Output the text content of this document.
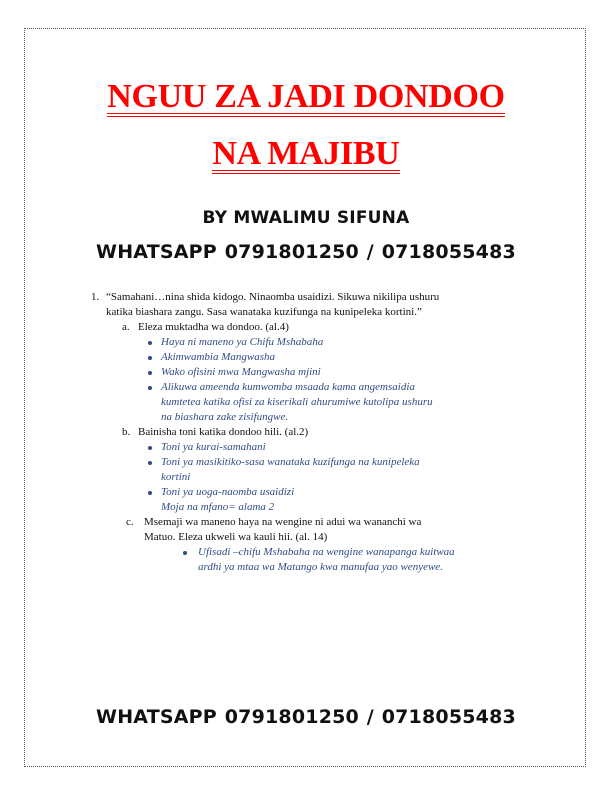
NGUU ZA JADI DONDOO
NA MAJIBU
BY MWALIMU SIFUNA
WHATSAPP 0791801250 / 0718055483
1. “Samahani…nina shida kidogo. Ninaomba usaidizi. Sikuwa nikilipa ushuru
katika biashara zangu. Sasa wanataka kuzifunga na kunipeleka kortini.”
a. Eleza muktadha wa dondoo. (al.4)
Haya ni maneno ya Chifu Mshabaha
Akimwambia Mangwasha
Wako ofisini mwa Mangwasha mjini
Alikuwa ameenda kumwomba msaada kama angemsaidia
kumtetea katika ofisi za kiserikali ahurumiwe kutolipa ushuru
na biashara zake zisifungwe.
b. Bainisha toni katika dondoo hili. (al.2)
Toni ya kurai-samahani
Toni ya masikitiko-sasa wanataka kuzifunga na kunipeleka
kortini
Toni ya uoga-naomba usaidizi
Moja na mfano= alama 2
c. Msemaji wa maneno haya na wengine ni adui wa wananchi wa
Matuo. Eleza ukweli wa kauli hii. (al. 14)
Ufisadi –chifu Mshabaha na wengine wanapanga kuitwaa
ardhi ya mtaa wa Matango kwa manufaa yao wenyewe.
WHATSAPP 0791801250 / 0718055483
